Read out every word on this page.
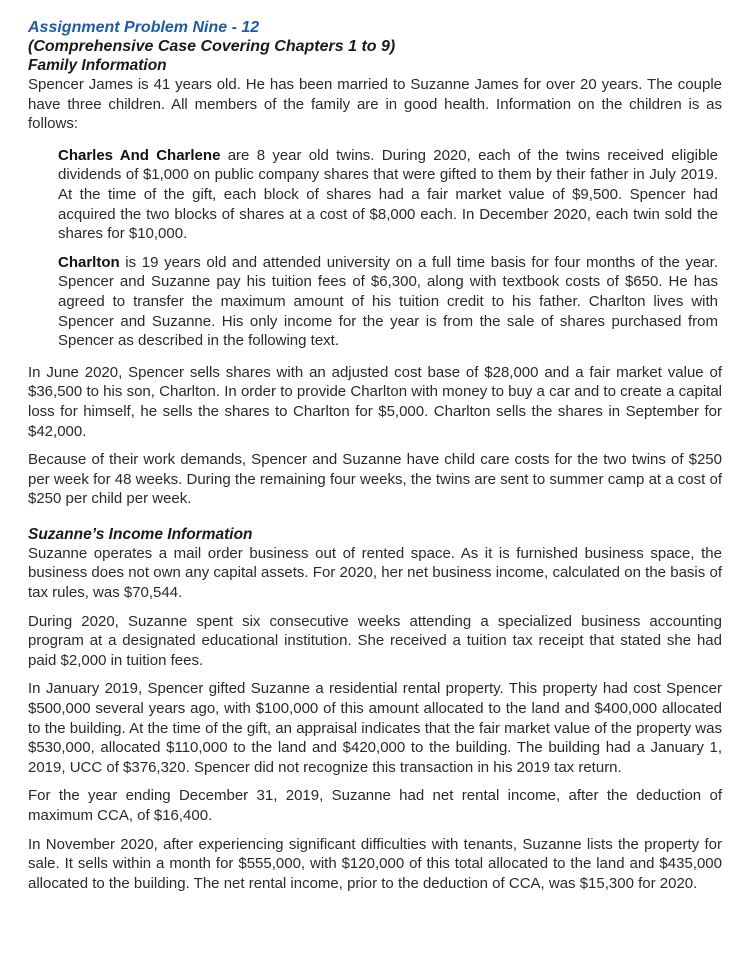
Assignment Problem Nine - 12
(Comprehensive Case Covering Chapters 1 to 9)
Family Information

Spencer James is 41 years old. He has been married to Suzanne James for over 20 years. The couple have three children. All members of the family are in good health. Information on the children is as follows:

Charles And Charlene are 8 year old twins. During 2020, each of the twins received eligible dividends of $1,000 on public company shares that were gifted to them by their father in July 2019. At the time of the gift, each block of shares had a fair market value of $9,500. Spencer had acquired the two blocks of shares at a cost of $8,000 each. In December 2020, each twin sold the shares for $10,000.

Charlton is 19 years old and attended university on a full time basis for four months of the year. Spencer and Suzanne pay his tuition fees of $6,300, along with textbook costs of $650. He has agreed to transfer the maximum amount of his tuition credit to his father. Charlton lives with Spencer and Suzanne. His only income for the year is from the sale of shares purchased from Spencer as described in the following text.

In June 2020, Spencer sells shares with an adjusted cost base of $28,000 and a fair market value of $36,500 to his son, Charlton. In order to provide Charlton with money to buy a car and to create a capital loss for himself, he sells the shares to Charlton for $5,000. Charlton sells the shares in September for $42,000.

Because of their work demands, Spencer and Suzanne have child care costs for the two twins of $250 per week for 48 weeks. During the remaining four weeks, the twins are sent to summer camp at a cost of $250 per child per week.

Suzanne’s Income Information

Suzanne operates a mail order business out of rented space. As it is furnished business space, the business does not own any capital assets. For 2020, her net business income, calculated on the basis of tax rules, was $70,544.

During 2020, Suzanne spent six consecutive weeks attending a specialized business accounting program at a designated educational institution. She received a tuition tax receipt that stated she had paid $2,000 in tuition fees.

In January 2019, Spencer gifted Suzanne a residential rental property. This property had cost Spencer $500,000 several years ago, with $100,000 of this amount allocated to the land and $400,000 allocated to the building. At the time of the gift, an appraisal indicates that the fair market value of the property was $530,000, allocated $110,000 to the land and $420,000 to the building. The building had a January 1, 2019, UCC of $376,320. Spencer did not recognize this transaction in his 2019 tax return.

For the year ending December 31, 2019, Suzanne had net rental income, after the deduction of maximum CCA, of $16,400.

In November 2020, after experiencing significant difficulties with tenants, Suzanne lists the property for sale. It sells within a month for $555,000, with $120,000 of this total allocated to the land and $435,000 allocated to the building. The net rental income, prior to the deduction of CCA, was $15,300 for 2020.
